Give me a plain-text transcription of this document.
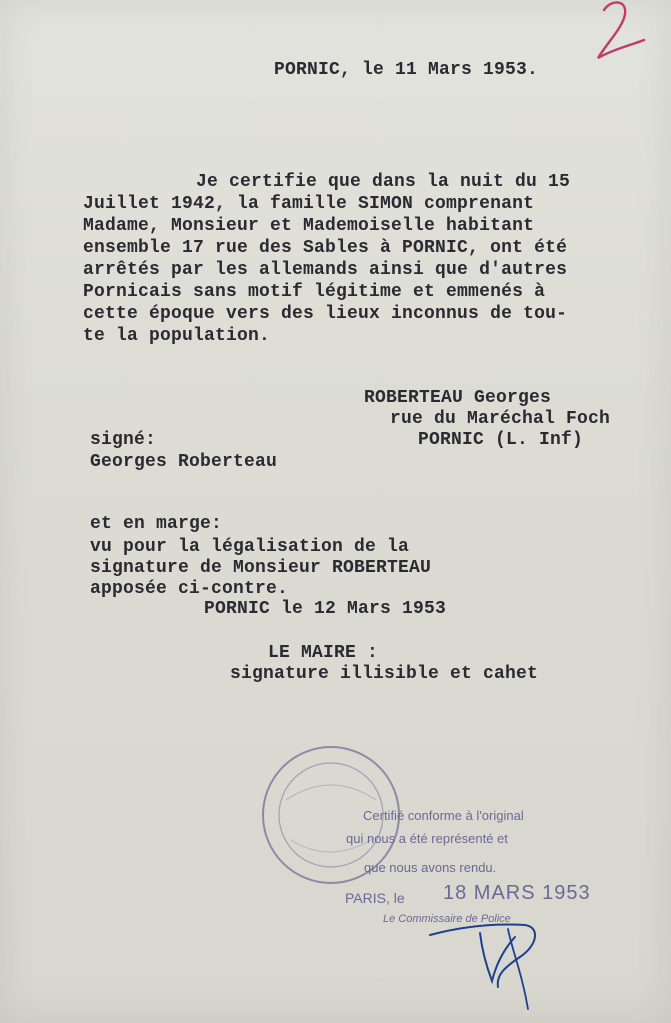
PORNIC, le 11 Mars 1953.
Je certifie que dans la nuit du 15
Juillet 1942, la famille SIMON comprenant
Madame, Monsieur et Mademoiselle habitant
ensemble 17 rue des Sables à PORNIC, ont été
arrêtés par les allemands ainsi que d'autres
Pornicais sans motif légitime et emmenés à
cette époque vers des lieux inconnus de tou-
te la population.
ROBERTEAU Georges
rue du Maréchal Foch
PORNIC (L. Inf)
signé:
Georges Roberteau
et en marge:
vu pour la légalisation de la
signature de Monsieur ROBERTEAU
apposée ci-contre.
PORNIC le 12 Mars 1953
LE MAIRE :
signature illisible et cahet
Certifié conforme à l'original
qui nous a été représenté et
que nous avons rendu.
PARIS, le 18 MARS 1953
Le Commissaire de Police
